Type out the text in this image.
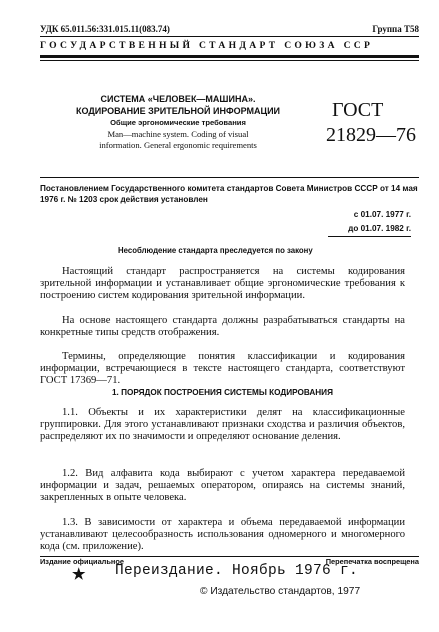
УДК 65.011.56:331.015.11(083.74)	Группа Т58
ГОСУДАРСТВЕННЫЙ СТАНДАРТ СОЮЗА ССР
СИСТЕМА «ЧЕЛОВЕК—МАШИНА».
КОДИРОВАНИЕ ЗРИТЕЛЬНОЙ ИНФОРМАЦИИ
Общие эргономические требования
Man—machine system. Coding of visual
information. General ergonomic requirements
ГОСТ
21829—76
Постановлением Государственного комитета стандартов Совета Министров СССР от 14 мая 1976 г. № 1203 срок действия установлен
с 01.07. 1977 г.
до 01.07. 1982 г.
Несоблюдение стандарта преследуется по закону
Настоящий стандарт распространяется на системы кодирования зрительной информации и устанавливает общие эргономические требования к построению систем кодирования зрительной информации.
На основе настоящего стандарта должны разрабатываться стандарты на конкретные типы средств отображения.
Термины, определяющие понятия классификации и кодирования информации, встречающиеся в тексте настоящего стандарта, соответствуют ГОСТ 17369—71.
1. ПОРЯДОК ПОСТРОЕНИЯ СИСТЕМЫ КОДИРОВАНИЯ
1.1. Объекты и их характеристики делят на классификационные группировки. Для этого устанавливают признаки сходства и различия объектов, распределяют их по значимости и определяют основание деления.
1.2. Вид алфавита кода выбирают с учетом характера передаваемой информации и задач, решаемых оператором, опираясь на системы знаний, закрепленных в опыте человека.
1.3. В зависимости от характера и объема передаваемой информации устанавливают целесообразность использования одномерного и многомерного кода (см. приложение).
Издание официальное	Перепечатка воспрещена
★ Переиздание. Ноябрь 1976 г.
© Издательство стандартов, 1977
